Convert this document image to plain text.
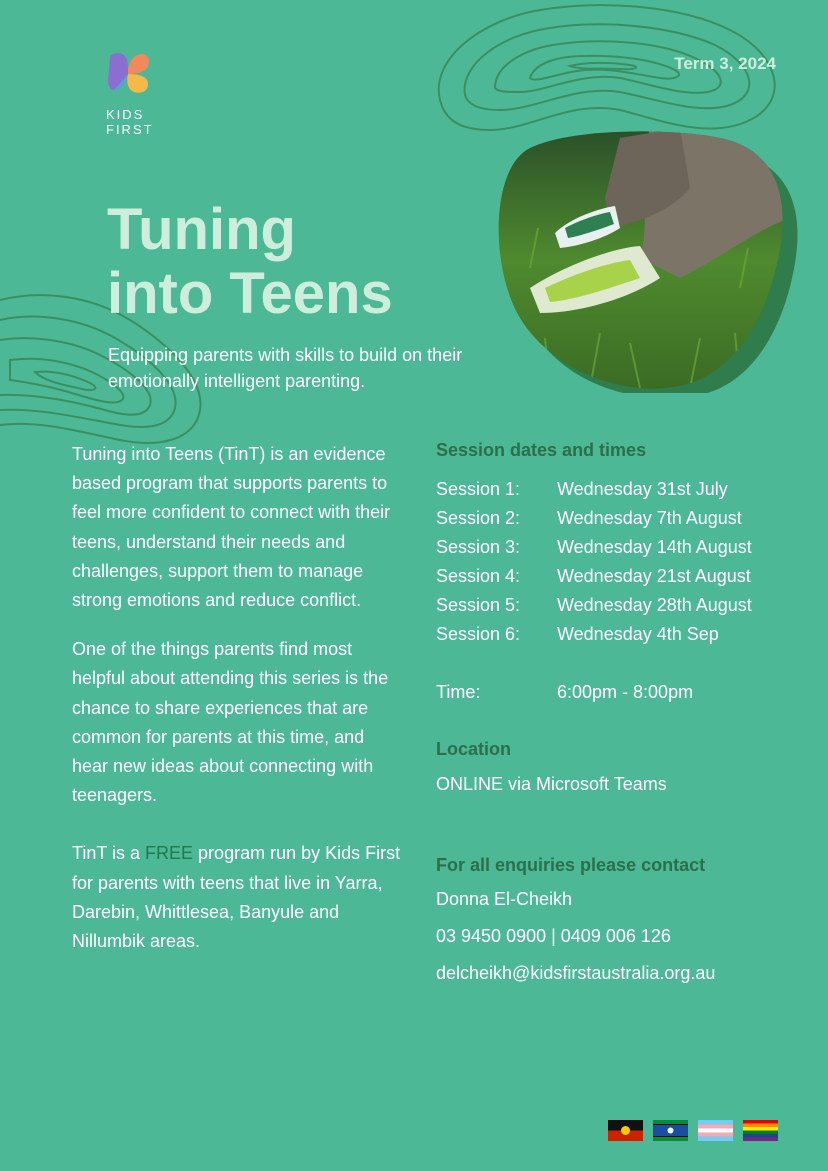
KIDS
FIRST
Term 3, 2024
Tuning
into Teens

Equipping parents with skills to build on their emotionally intelligent parenting.

Tuning into Teens (TinT) is an evidence based program that supports parents to feel more confident to connect with their teens, understand their needs and challenges, support them to manage strong emotions and reduce conflict.

One of the things parents find most helpful about attending this series is the chance to share experiences that are common for parents at this time, and hear new ideas about connecting with teenagers.

TinT is a FREE program run by Kids First for parents with teens that live in Yarra, Darebin, Whittlesea, Banyule and Nillumbik areas.

Session dates and times

Session 1:	Wednesday 31st July
Session 2:	Wednesday 7th August
Session 3:	Wednesday 14th August
Session 4:	Wednesday 21st August
Session 5:	Wednesday 28th August
Session 6:	Wednesday 4th Sep
Time:	6:00pm - 8:00pm

Location

ONLINE via Microsoft Teams

For all enquiries please contact

Donna El-Cheikh
03 9450 0900 | 0409 006 126
delcheikh@kidsfirstaustralia.org.au
